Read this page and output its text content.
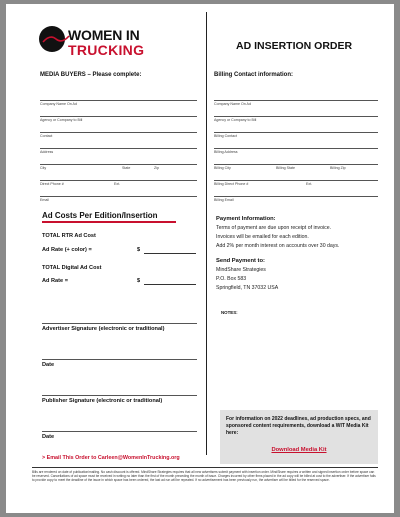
WOMEN IN
TRUCKING	AD INSERTION ORDER
MEDIA BUYERS – Please complete:
Company Name On Ad
Agency or Company to Bill
Contact
Address
City	State	Zip
Direct Phone #	Ext.
Email
Billing Contact information:
Company Name On Ad
Agency or Company to Bill
Billing Contact
Billing Address
Billing City	Billing State	Billing Zip
Billing Direct Phone #	Ext.
Billing Email
Ad Costs Per Edition/Insertion
TOTAL RTR Ad Cost
Ad Rate (+ color) =	$
TOTAL Digital Ad Cost
Ad Rate =	$
Advertiser Signature (electronic or traditional)
Date
Publisher Signature (electronic or traditional)
Date
Payment Information:
Terms of payment are due upon receipt of invoice.
Invoices will be emailed for each edition.
Add 2% per month interest on accounts over 30 days.
Send Payment to:
MindShare Strategies
P.O. Box 583
Springfield, TN 37032 USA
NOTES:
For information on 2022 deadlines, ad production specs, and sponsored content requirements, download a WIT Media Kit here:
Download Media Kit
> Email This Order to Carleen@WomenInTrucking.org
Bills are rendered on date of publication/mailing. No cash discount is offered. MindShare Strategies requires that all new advertisers submit payment with insertion order. MindShare requires a written and signed insertion order before space can be reserved. Cancellations of ad space must be received in writing no later than the first of the month preceding the month of issue. Charges incurred by other firms placed in the ad copy will be billed at cost to the advertiser. If the advertiser fails to provide copy to meet the deadline of the issue in which space has been ordered, the last ad run will be repeated. If no advertisement has been previously run, the advertiser will be billed for the reserved space.
